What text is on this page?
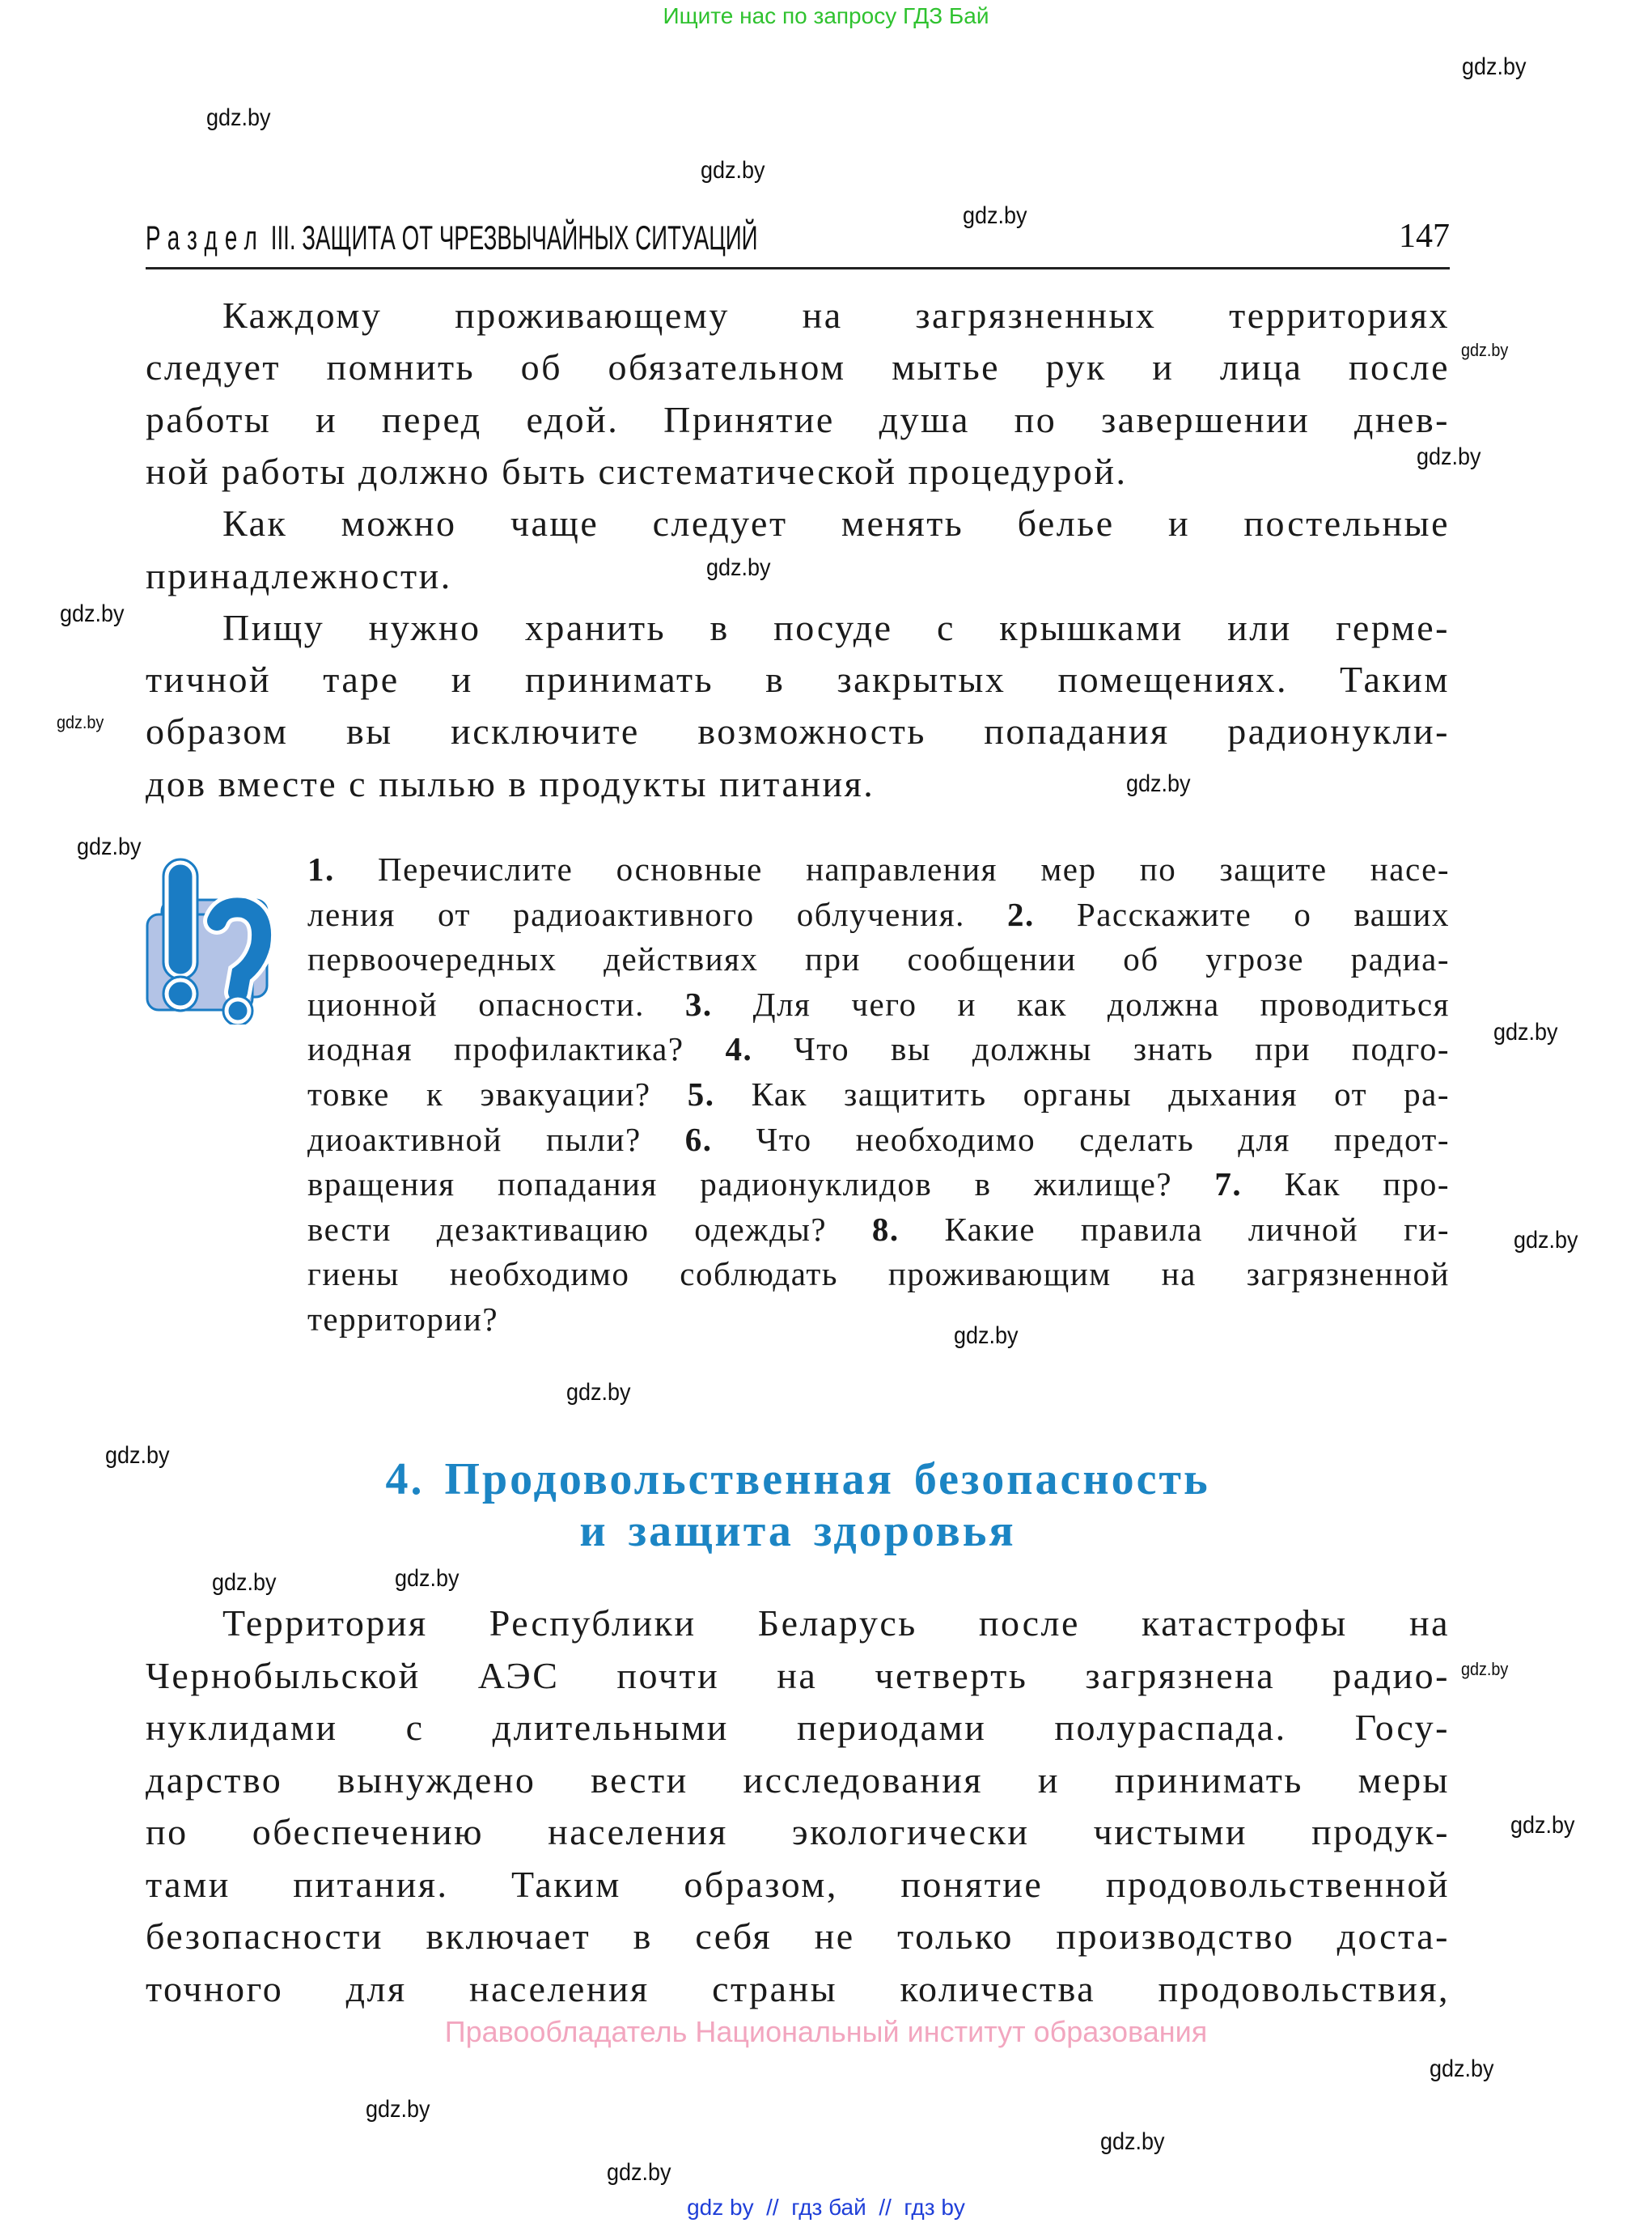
Ищите нас по запросу ГДЗ Бай
Раздел III. ЗАЩИТА ОТ ЧРЕЗВЫЧАЙНЫХ СИТУАЦИЙ	147
Каждому проживающему на загрязненных территориях
следует помнить об обязательном мытье рук и лица после
работы и перед едой. Принятие душа по завершении днев-
ной работы должно быть систематической процедурой.
Как можно чаще следует менять белье и постельные
принадлежности.
Пищу нужно хранить в посуде с крышками или герме-
тичной таре и принимать в закрытых помещениях. Таким
образом вы исключите возможность попадания радионукли-
дов вместе с пылью в продукты питания.
1. Перечислите основные направления мер по защите насе-
ления от радиоактивного облучения. 2. Расскажите о ваших
первоочередных действиях при сообщении об угрозе радиа-
ционной опасности. 3. Для чего и как должна проводиться
иодная профилактика? 4. Что вы должны знать при подго-
товке к эвакуации? 5. Как защитить органы дыхания от ра-
диоактивной пыли? 6. Что необходимо сделать для предот-
вращения попадания радионуклидов в жилище? 7. Как про-
вести дезактивацию одежды? 8. Какие правила личной ги-
гиены необходимо соблюдать проживающим на загрязненной
территории?
4. Продовольственная безопасность
и защита здоровья
Территория Республики Беларусь после катастрофы на
Чернобыльской АЭС почти на четверть загрязнена радио-
нуклидами с длительными периодами полураспада. Госу-
дарство вынуждено вести исследования и принимать меры
по обеспечению населения экологически чистыми продук-
тами питания. Таким образом, понятие продовольственной
безопасности включает в себя не только производство доста-
точного для населения страны количества продовольствия,
Правообладатель Национальный институт образования
gdz by  //  гдз бай  //  гдз by
gdz.by
gdz.by
gdz.by
gdz.by
gdz.by
gdz.by
gdz.by
gdz.by
gdz.by
gdz.by
gdz.by
gdz.by
gdz.by
gdz.by
gdz.by
gdz.by
gdz.by
gdz.by
gdz.by
gdz.by
gdz.by
gdz.by
gdz.by
gdz.by
